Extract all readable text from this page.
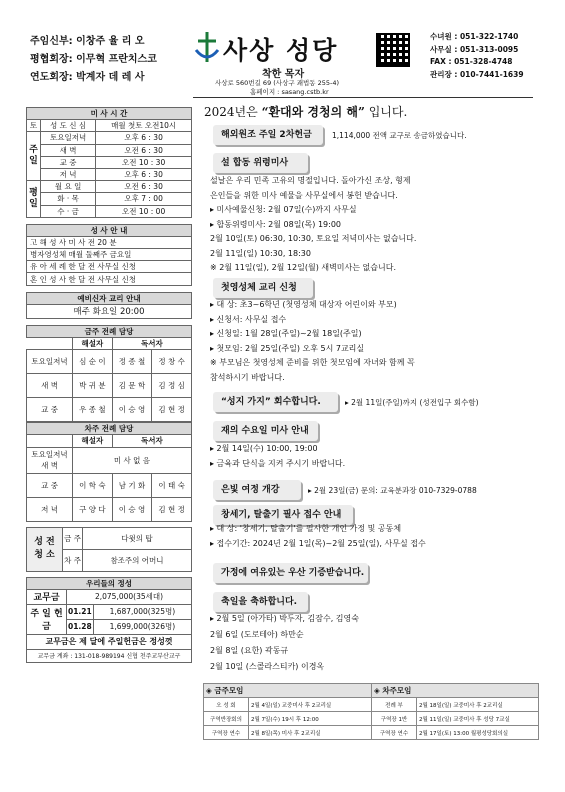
주임신부: 이창주 율 리 오
평협회장: 이무혁 프란치스코
연도회장: 박계자 데 레 사
사상 성당
착한 목자
사상로 560번길 69 (사상구 괘법동 255-4)
홈페이지 : sasang.cstb.kr
수녀원 : 051-322-1740
사무실 : 051-313-0095
FAX : 051-328-4748
관리장 : 010-7441-1639
미 사 시 간		
토	성 도 신 심	매월 첫토 오전10시

주
일	토요일저녁	오후 6 : 30
	새 벽	오전 6 : 30
	교 중	오전 10 : 30
	저 녁	오후 6 : 30

평
일	월 요 일	오전 6 : 30
	화 · 목	오후 7 : 00
	수 · 금	오전 10 : 00
성 사 안 내
고 해 성 사 미 사 전 20 분
병자영성체 매월 둘째주 금요일
유 아 세 례 한 달 전 사무실 신청
혼 인 성 사 한 달 전 사무실 신청
예비신자 교리 안내
매주 화요일 20:00
금주 전례 담당			
	해설자	독서자	
토요일저녁	심 순 이	정 종 철	정 창 수
새 벽	박 귀 분	김 문 학	김 정 심
교 중	우 종 철	이 승 영	김 현 정
차주 전례 담당			
	해설자	독서자	
토요일저녁 새 벽	미 사 없 음		
교 중	이 학 숙	남 기 화	이 태 숙
저 녁	구 양 다	이 승 영	김 현 정
성 전
청 소	금 주	다윗의 탑
	차 주	참조주의 어머니
우리들의 정성		
교무금	2,075,000(35세대)	
주 일 헌 금	01.21	1,687,000(325명)
	01.28	1,699,000(326명)
교무금은 제 달에 주일헌금은 정성껏		
교무금 계좌 : 131-018-989194 신협 천주교부산교구		
2024년은 “환대와 경청의 해” 입니다.
해외원조 주일 2차헌금	1,114,000 전액 교구로 송금하였습니다.
설 합동 위령미사
설날은 우리 민족 고유의 명절입니다. 돌아가신 조상, 형제
은인들을 위한 미사 예물을 사무실에서 봉헌 받습니다.
▸ 미사예물신청: 2월 07일(수)까지 사무실
▸ 합동위령미사: 2월 08일(목) 19:00
2월 10일(토) 06:30, 10:30, 토요일 저녁미사는 없습니다.
2월 11일(일) 10:30, 18:30
※ 2월 11일(일), 2월 12일(월) 새벽미사는 없습니다.
첫영성체 교리 신청
▸ 대 상: 초3~6학년 (첫영성체 대상자 어린이와 부모)
▸ 신청서: 사무실 접수
▸ 신청일: 1월 28일(주일)~2월 18일(주일)
▸ 첫모임: 2월 25일(주일) 오후 5시 7교리실
※ 부모님은 첫영성체 준비를 위한 첫모임에 자녀와 함께 꼭
참석하시기 바랍니다.
“성지 가지” 회수합니다.	▸ 2월 11일(주일)까지 (성전입구 회수함)
재의 수요일 미사 안내
▸ 2월 14일(수) 10:00, 19:00
▸ 금육과 단식을 지켜 주시기 바랍니다.
은빛 여정 개강	▸ 2월 23일(금) 문의: 교육분과장 010-7329-0788
창세기, 탈출기 필사 접수 안내
▸ 대 상: '창세기, 탈출기'를 필사한 개인 가정 및 공동체
▸ 접수기간: 2024년 2월 1일(목)~2월 25일(일), 사무실 접수
가정에 여유있는 우산 기증받습니다.
축일을 축하합니다.
▸ 2월 5일 (아가타) 박두자, 김잠수, 김영숙
2월 6일 (도로테아) 하만순
2월 8일 (요한) 곽동규
2월 10일 (스콜라스티카) 이경옥
◈ 금주모임		◈ 차주모임	
오 성 회	2월 4일(일) 교중미사 후 2교리실	전례 부	2월 18일(일) 교중미사 후 2교리실
구역반장회의	2월 7일(수) 19시 후 12:00	구역장 1반	2월 11일(일) 교중미사 후 성당 7교실
구역장 연수	2월 8일(목) 미사 후 2교리실	구역장 연수	2월 17일(토) 13:00 월평성당회의실
